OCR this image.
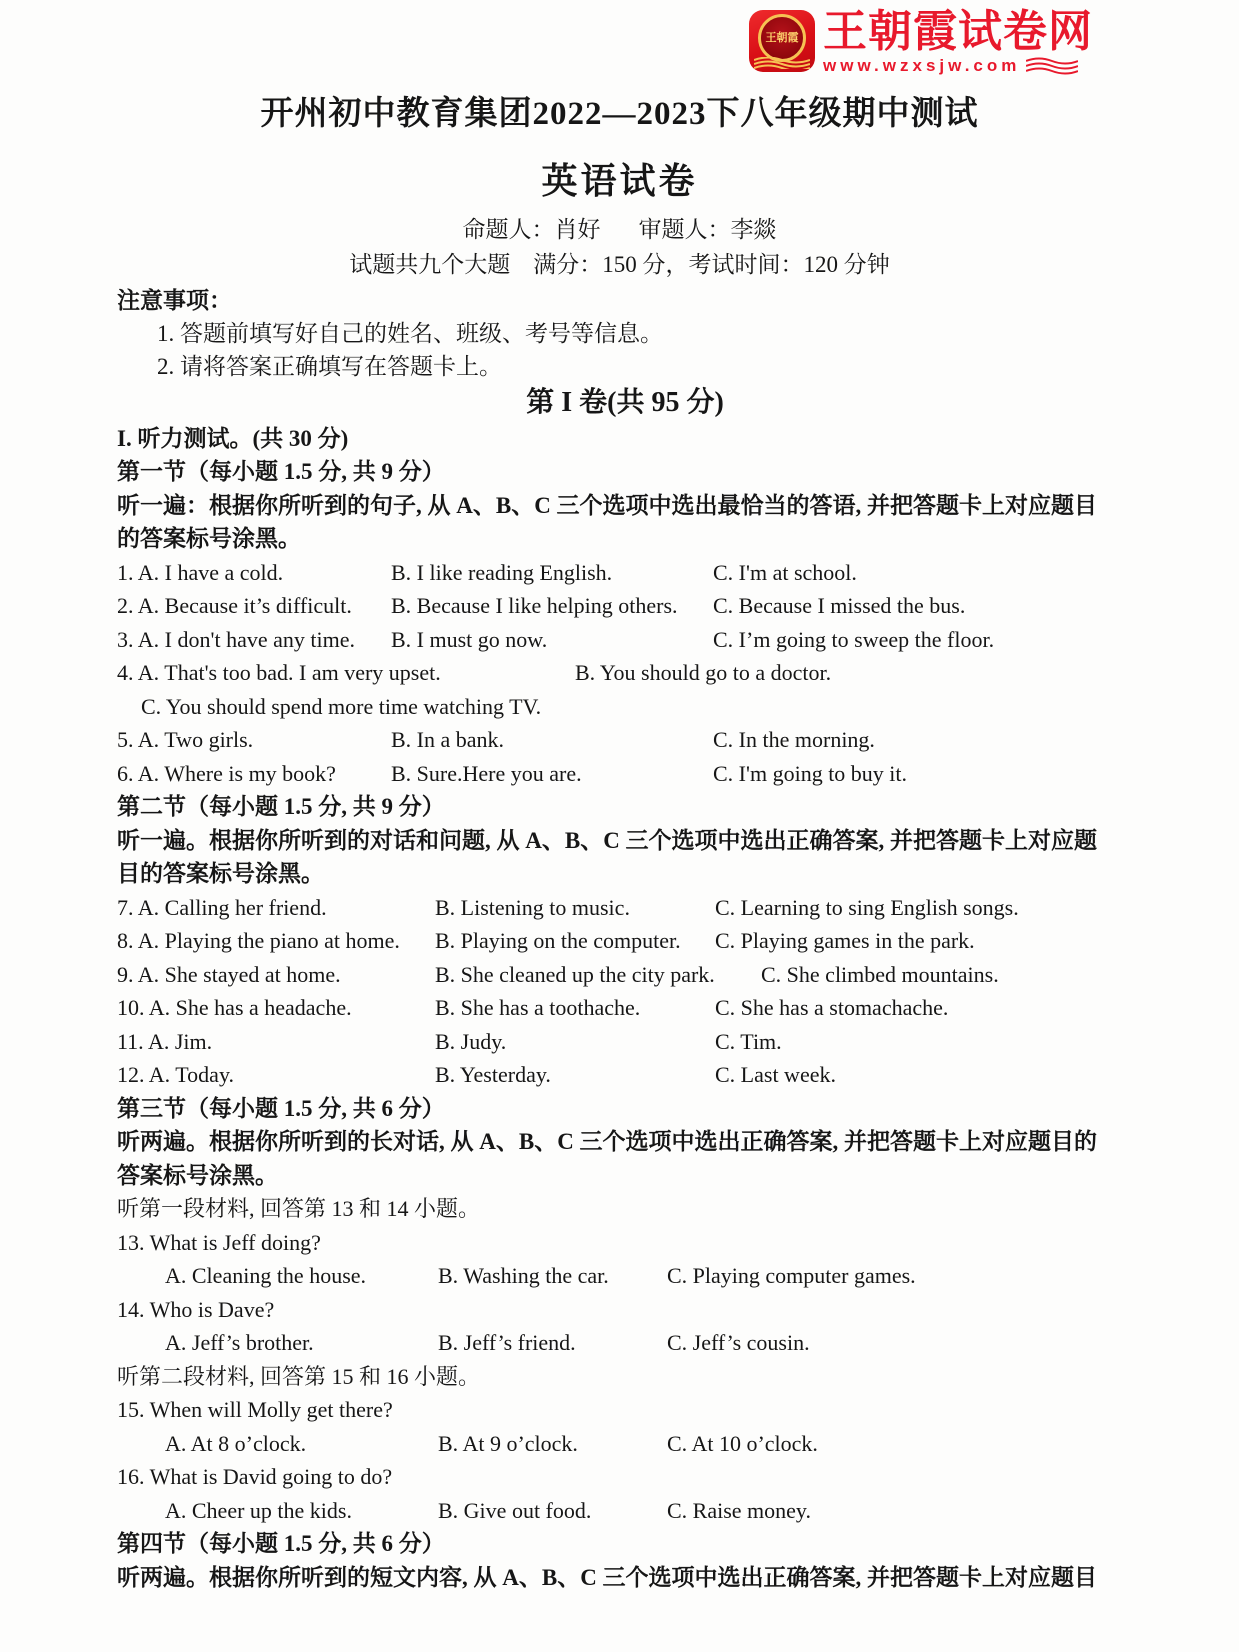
王朝霞 王朝霞试卷网
www.wzxsjw.com
开州初中教育集团2022—2023下八年级期中测试
英语试卷
命题人：肖好 审题人：李燚
试题共九个大题　满分：150 分，考试时间：120 分钟
注意事项：
1. 答题前填写好自己的姓名、班级、考号等信息。
2. 请将答案正确填写在答题卡上。
第 I 卷(共 95 分)
I. 听力测试。(共 30 分)
第一节（每小题 1.5 分, 共 9 分）
听一遍：根据你所听到的句子, 从 A、B、C 三个选项中选出最恰当的答语, 并把答题卡上对应题目
的答案标号涂黑。
1. A. I have a cold.	B. I like reading English.	C. I'm at school.
2. A. Because it’s difficult.	B. Because I like helping others.	C. Because I missed the bus.
3. A. I don't have any time.	B. I must go now.	C. I’m going to sweep the floor.
4. A. That's too bad. I am very upset.	B. You should go to a doctor.
C. You should spend more time watching TV.
5. A. Two girls.	B. In a bank.	C. In the morning.
6. A. Where is my book?	B. Sure.Here you are.	C. I'm going to buy it.
第二节（每小题 1.5 分, 共 9 分）
听一遍。根据你所听到的对话和问题, 从 A、B、C 三个选项中选出正确答案, 并把答题卡上对应题
目的答案标号涂黑。
7. A. Calling her friend.	B. Listening to music.	C. Learning to sing English songs.
8. A. Playing the piano at home.	B. Playing on the computer.	C. Playing games in the park.
9. A. She stayed at home.	B. She cleaned up the city park.	C. She climbed mountains.
10. A. She has a headache.	B. She has a toothache.	C. She has a stomachache.
11. A. Jim.	B. Judy.	C. Tim.
12. A. Today.	B. Yesterday.	C. Last week.
第三节（每小题 1.5 分, 共 6 分）
听两遍。根据你所听到的长对话, 从 A、B、C 三个选项中选出正确答案, 并把答题卡上对应题目的
答案标号涂黑。
听第一段材料, 回答第 13 和 14 小题。
13. What is Jeff doing?
A. Cleaning the house.	B. Washing the car.	C. Playing computer games.
14. Who is Dave?
A. Jeff’s brother.	B. Jeff’s friend.	C. Jeff’s cousin.
听第二段材料, 回答第 15 和 16 小题。
15. When will Molly get there?
A. At 8 o’clock.	B. At 9 o’clock.	C. At 10 o’clock.
16. What is David going to do?
A. Cheer up the kids.	B. Give out food.	C. Raise money.
第四节（每小题 1.5 分, 共 6 分）
听两遍。根据你所听到的短文内容, 从 A、B、C 三个选项中选出正确答案, 并把答题卡上对应题目
